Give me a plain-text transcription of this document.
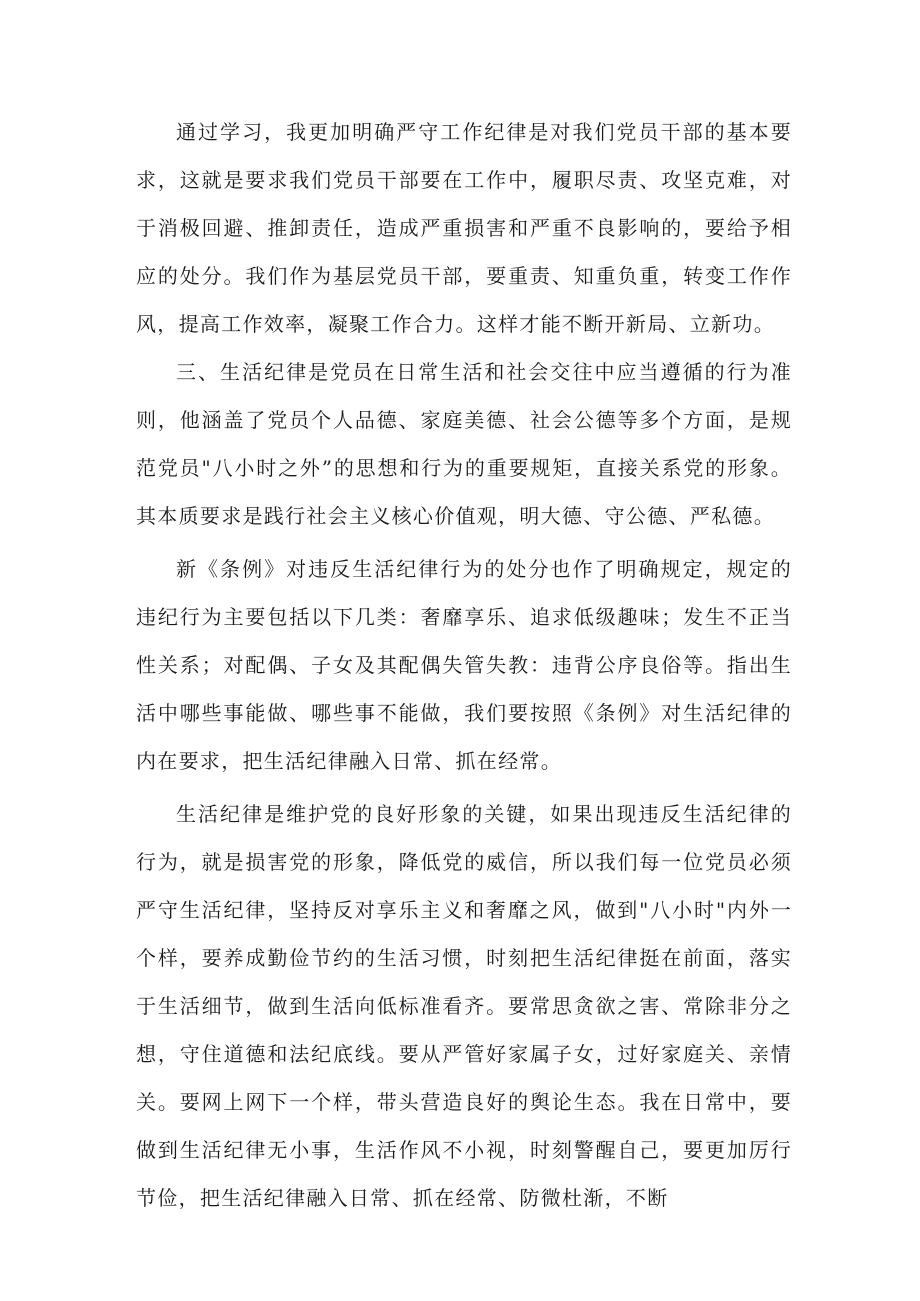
通过学习，我更加明确严守工作纪律是对我们党员干部的基本要求，这就是要求我们党员干部要在工作中，履职尽责、攻坚克难，对于消极回避、推卸责任，造成严重损害和严重不良影响的，要给予相应的处分。我们作为基层党员干部，要重责、知重负重，转变工作作风，提高工作效率，凝聚工作合力。这样才能不断开新局、立新功。

三、生活纪律是党员在日常生活和社会交往中应当遵循的行为准则，他涵盖了党员个人品德、家庭美德、社会公德等多个方面，是规范党员"八小时之外”的思想和行为的重要规矩，直接关系党的形象。其本质要求是践行社会主义核心价值观，明大德、守公德、严私德。

新《条例》对违反生活纪律行为的处分也作了明确规定，规定的违纪行为主要包括以下几类：奢靡享乐、追求低级趣味；发生不正当性关系；对配偶、子女及其配偶失管失教：违背公序良俗等。指出生活中哪些事能做、哪些事不能做，我们要按照《条例》对生活纪律的内在要求，把生活纪律融入日常、抓在经常。

生活纪律是维护党的良好形象的关键，如果出现违反生活纪律的行为，就是损害党的形象，降低党的威信，所以我们每一位党员必须严守生活纪律，坚持反对享乐主义和奢靡之风，做到"八小时"内外一个样，要养成勤俭节约的生活习惯，时刻把生活纪律挺在前面，落实于生活细节，做到生活向低标准看齐。要常思贪欲之害、常除非分之想，守住道德和法纪底线。要从严管好家属子女，过好家庭关、亲情关。要网上网下一个样，带头营造良好的舆论生态。我在日常中，要做到生活纪律无小事，生活作风不小视，时刻警醒自己，要更加厉行节俭，把生活纪律融入日常、抓在经常、防微杜渐，不断
